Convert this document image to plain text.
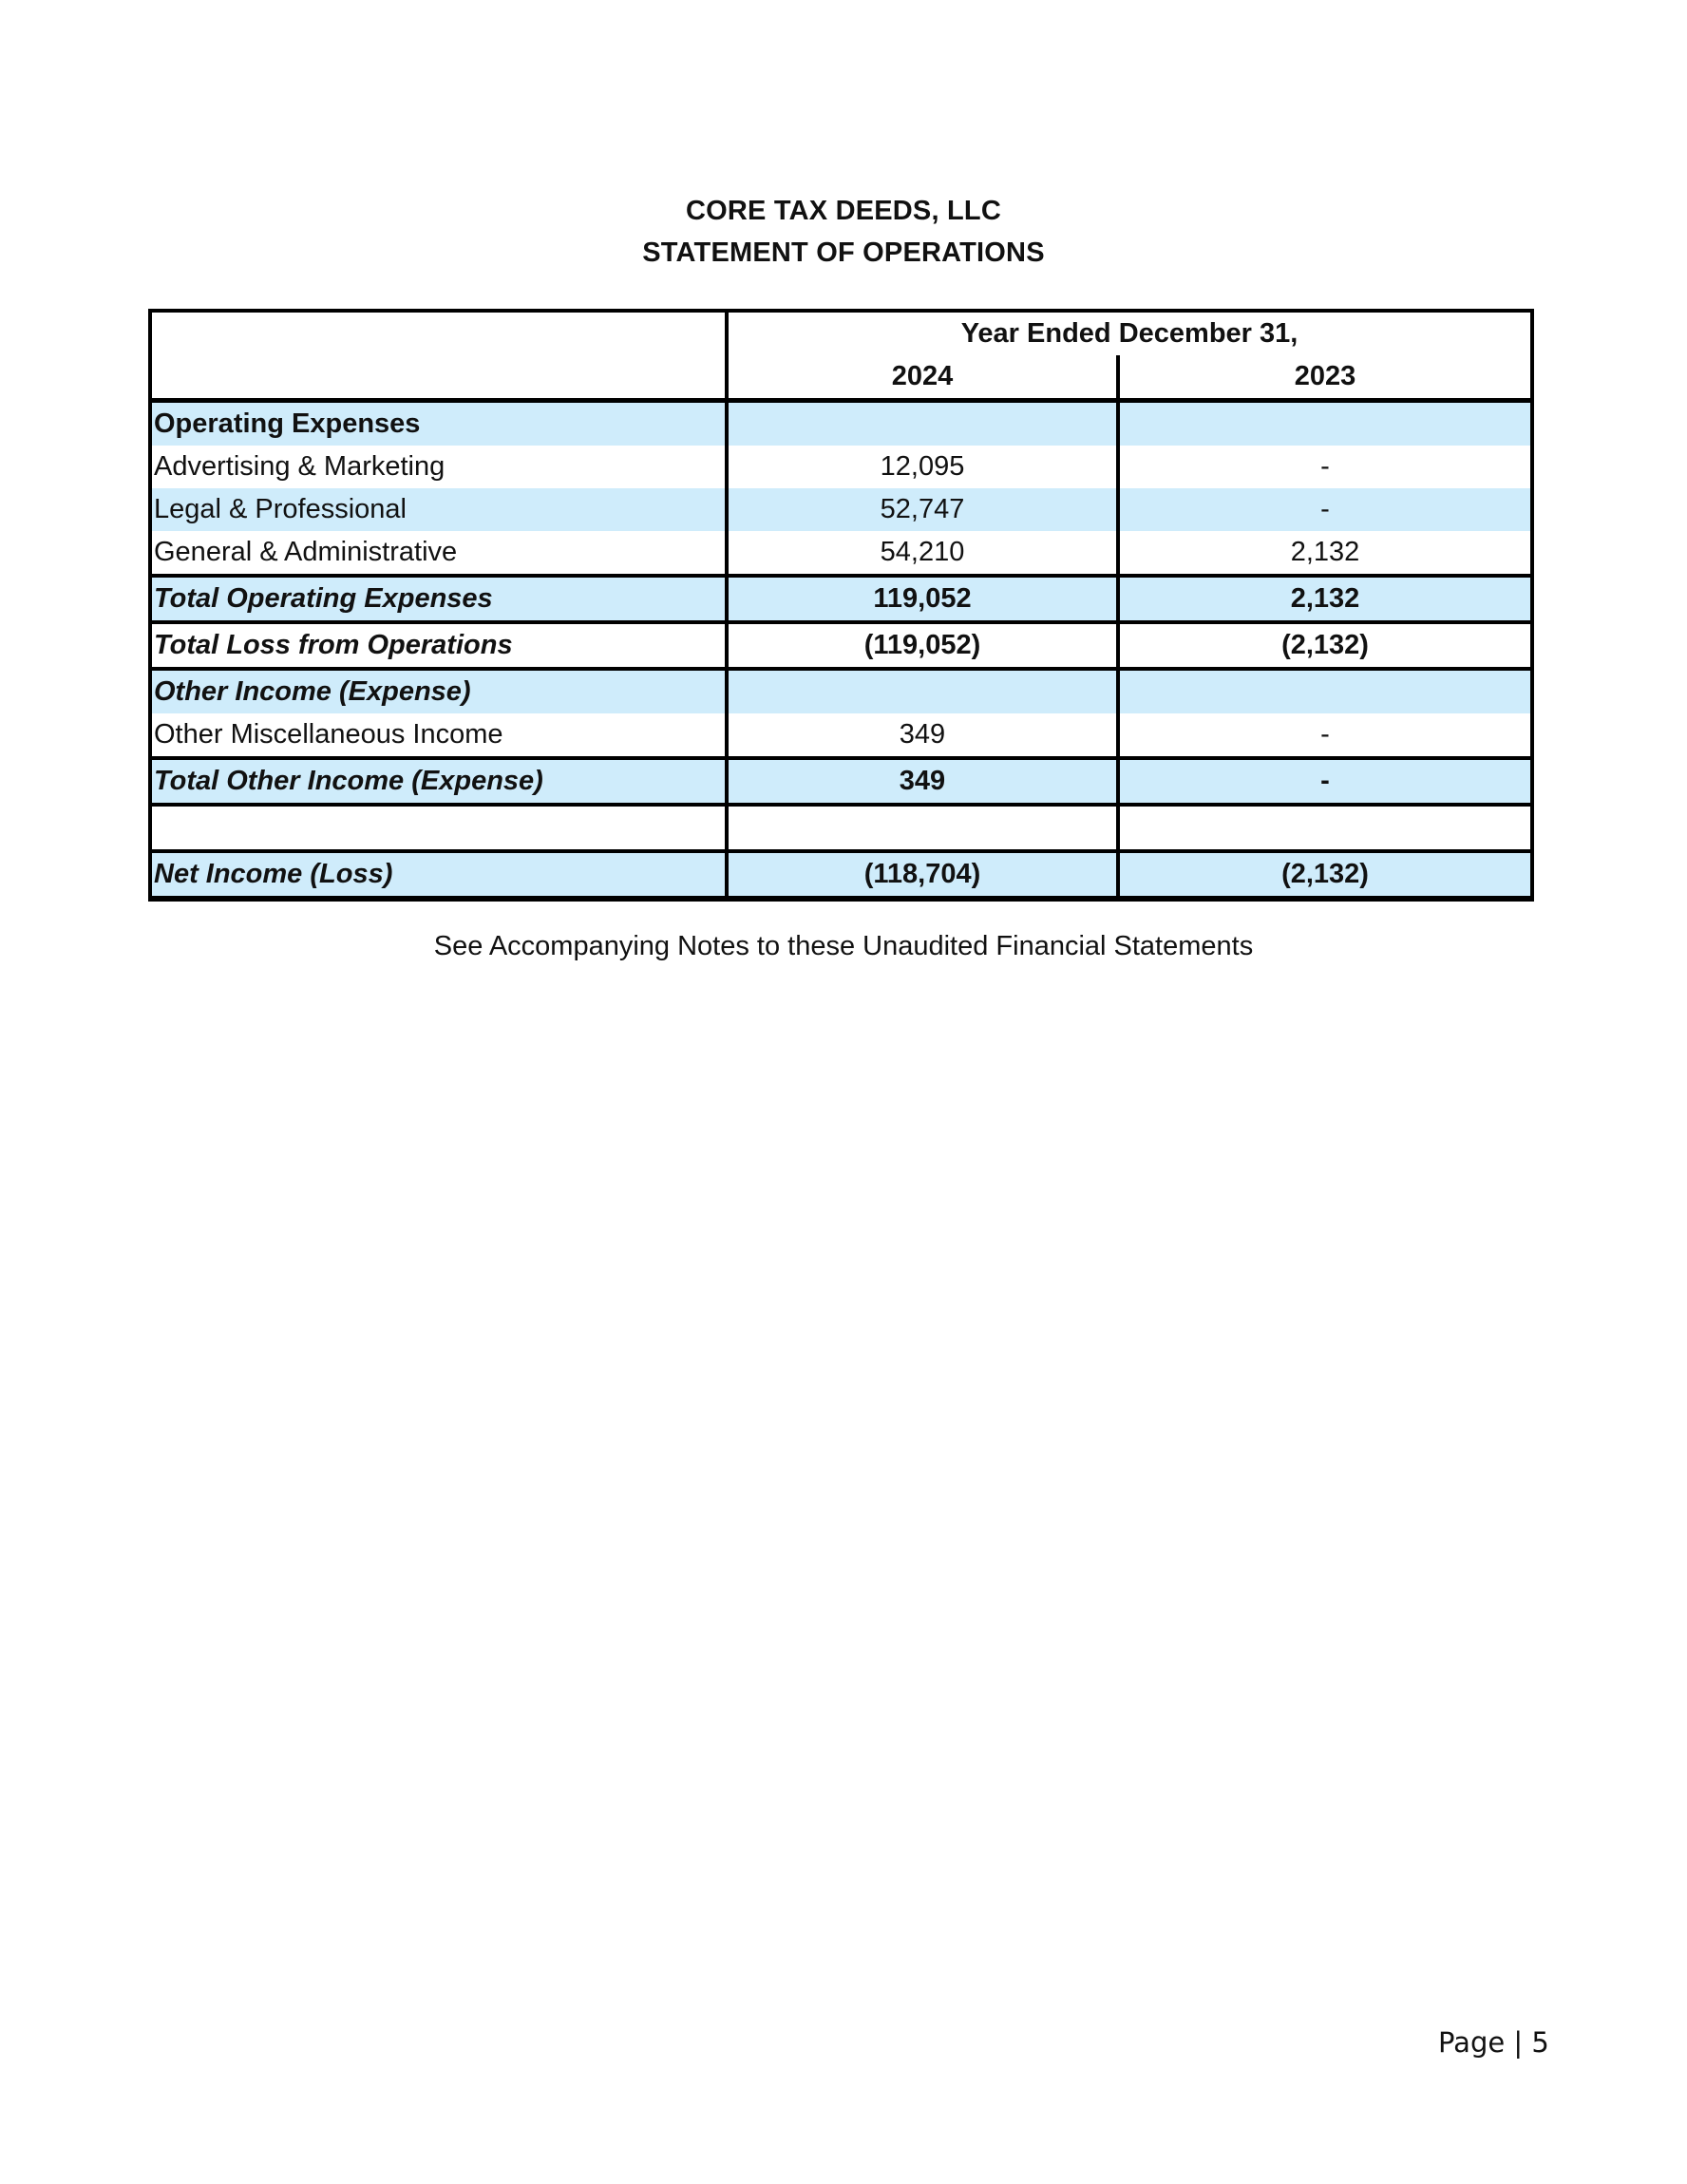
CORE TAX DEEDS, LLC
STATEMENT OF OPERATIONS
	Year Ended December 31,	
	2024	2023
Operating Expenses		
Advertising & Marketing	12,095	-
Legal & Professional	52,747	-
General & Administrative	54,210	2,132
Total Operating Expenses	119,052	2,132
Total Loss from Operations	(119,052)	(2,132)
Other Income (Expense)		
Other Miscellaneous Income	349	-
Total Other Income (Expense)	349	-

Net Income (Loss)	(118,704)	(2,132)
See Accompanying Notes to these Unaudited Financial Statements
Page | 5
